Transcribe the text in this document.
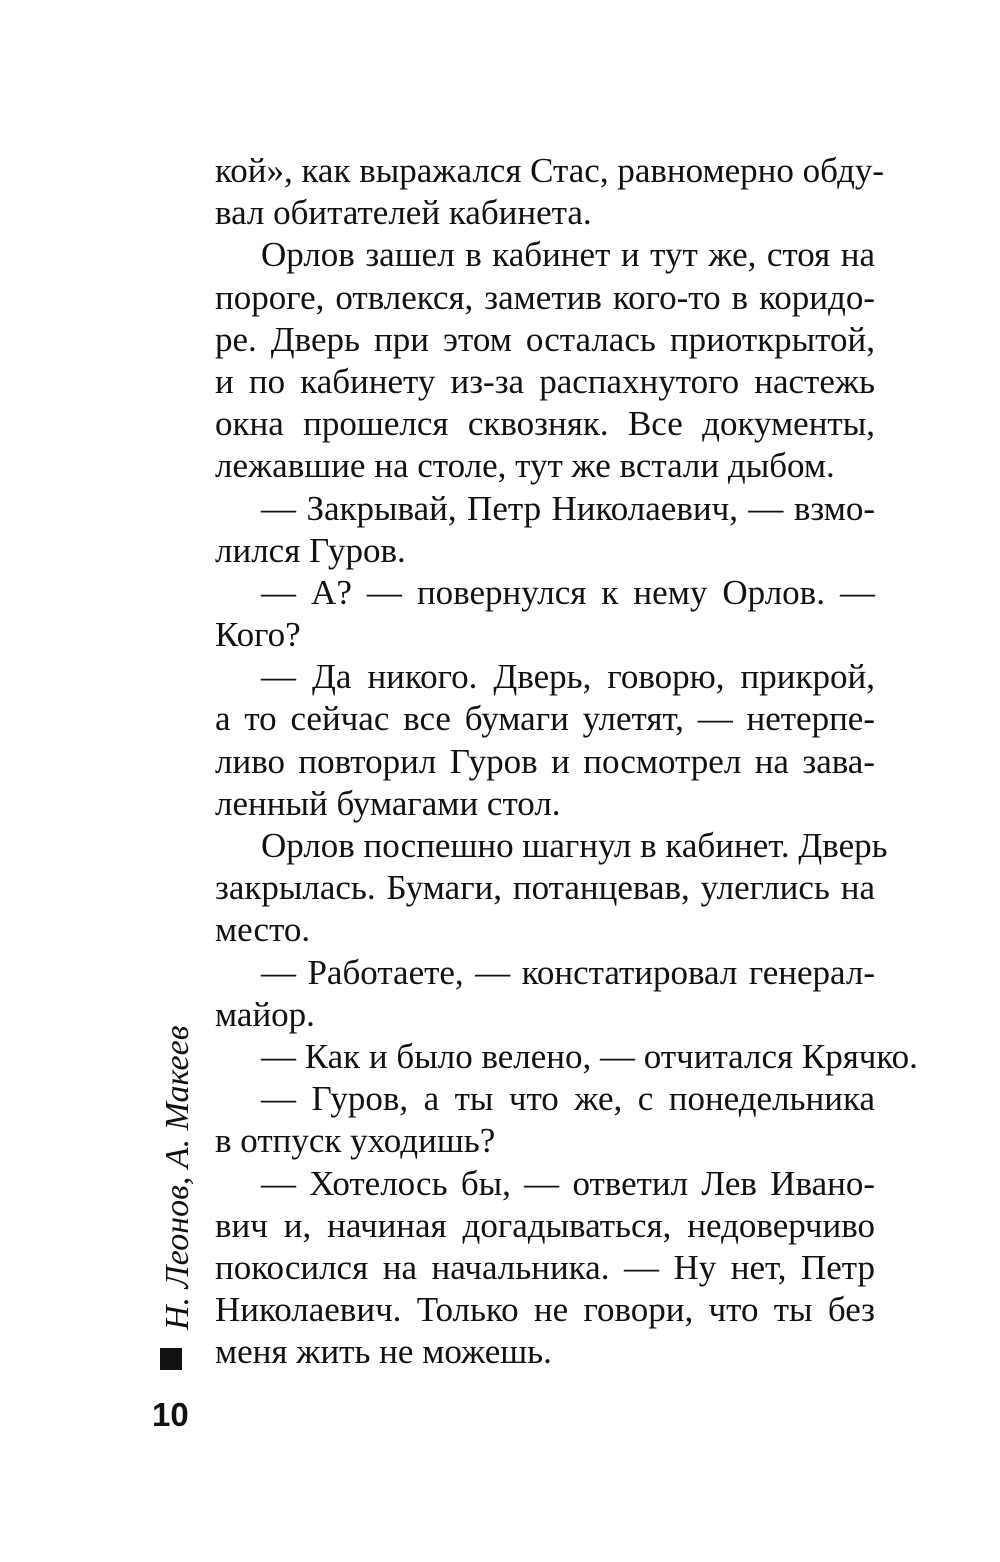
кой», как выражался Стас, равномерно обду-
вал обитателей кабинета.
Орлов зашел в кабинет и тут же, стоя на
пороге, отвлекся, заметив кого-то в коридо-
ре. Дверь при этом осталась приоткрытой,
и по кабинету из-за распахнутого настежь
окна прошелся сквозняк. Все документы,
лежавшие на столе, тут же встали дыбом.
— Закрывай, Петр Николаевич, — взмо-
лился Гуров.
— А? — повернулся к нему Орлов. —
Кого?
— Да никого. Дверь, говорю, прикрой,
а то сейчас все бумаги улетят, — нетерпе-
ливо повторил Гуров и посмотрел на зава-
ленный бумагами стол.
Орлов поспешно шагнул в кабинет. Дверь
закрылась. Бумаги, потанцевав, улеглись на
место.
— Работаете, — констатировал генерал-
майор.
— Как и было велено, — отчитался Крячко.
— Гуров, а ты что же, с понедельника
в отпуск уходишь?
— Хотелось бы, — ответил Лев Ивано-
вич и, начиная догадываться, недоверчиво
покосился на начальника. — Ну нет, Петр
Николаевич. Только не говори, что ты без
меня жить не можешь.
Н. Леонов, А. Макеев
10
